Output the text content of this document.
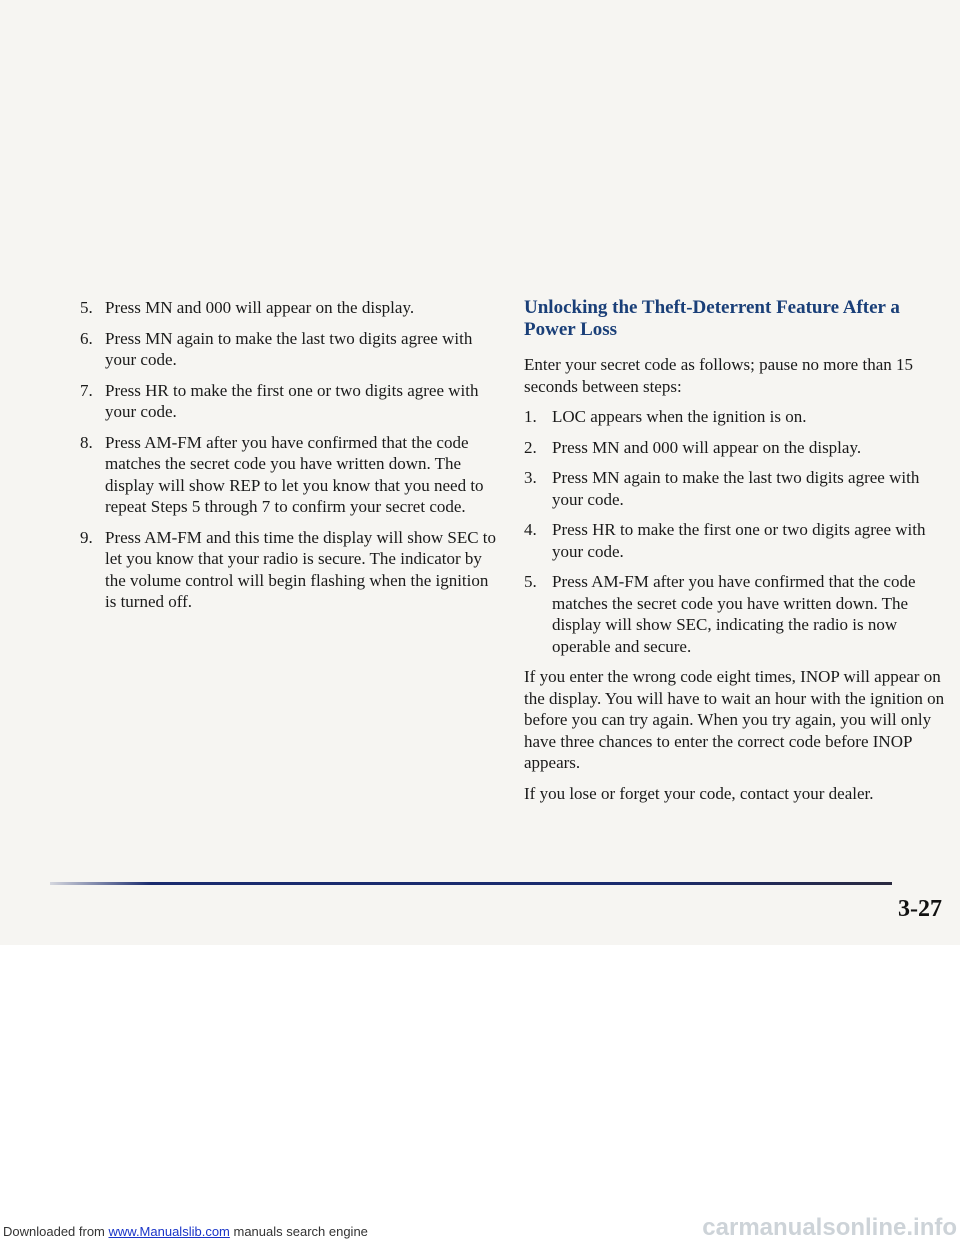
5. Press MN and 000 will appear on the display.
6. Press MN again to make the last two digits agree with your code.
7. Press HR to make the first one or two digits agree with your code.
8. Press AM-FM after you have confirmed that the code matches the secret code you have written down. The display will show REP to let you know that you need to repeat Steps 5 through 7 to confirm your secret code.
9. Press AM-FM and this time the display will show SEC to let you know that your radio is secure. The indicator by the volume control will begin flashing when the ignition is turned off.
Unlocking the Theft-Deterrent Feature After a Power Loss

Enter your secret code as follows; pause no more than 15 seconds between steps:

1. LOC appears when the ignition is on.
2. Press MN and 000 will appear on the display.
3. Press MN again to make the last two digits agree with your code.
4. Press HR to make the first one or two digits agree with your code.
5. Press AM-FM after you have confirmed that the code matches the secret code you have written down. The display will show SEC, indicating the radio is now operable and secure.

If you enter the wrong code eight times, INOP will appear on the display. You will have to wait an hour with the ignition on before you can try again. When you try again, you will only have three chances to enter the correct code before INOP appears.

If you lose or forget your code, contact your dealer.

3-27
Downloaded from www.Manualslib.com manuals search engine	carmanualsonline.info
